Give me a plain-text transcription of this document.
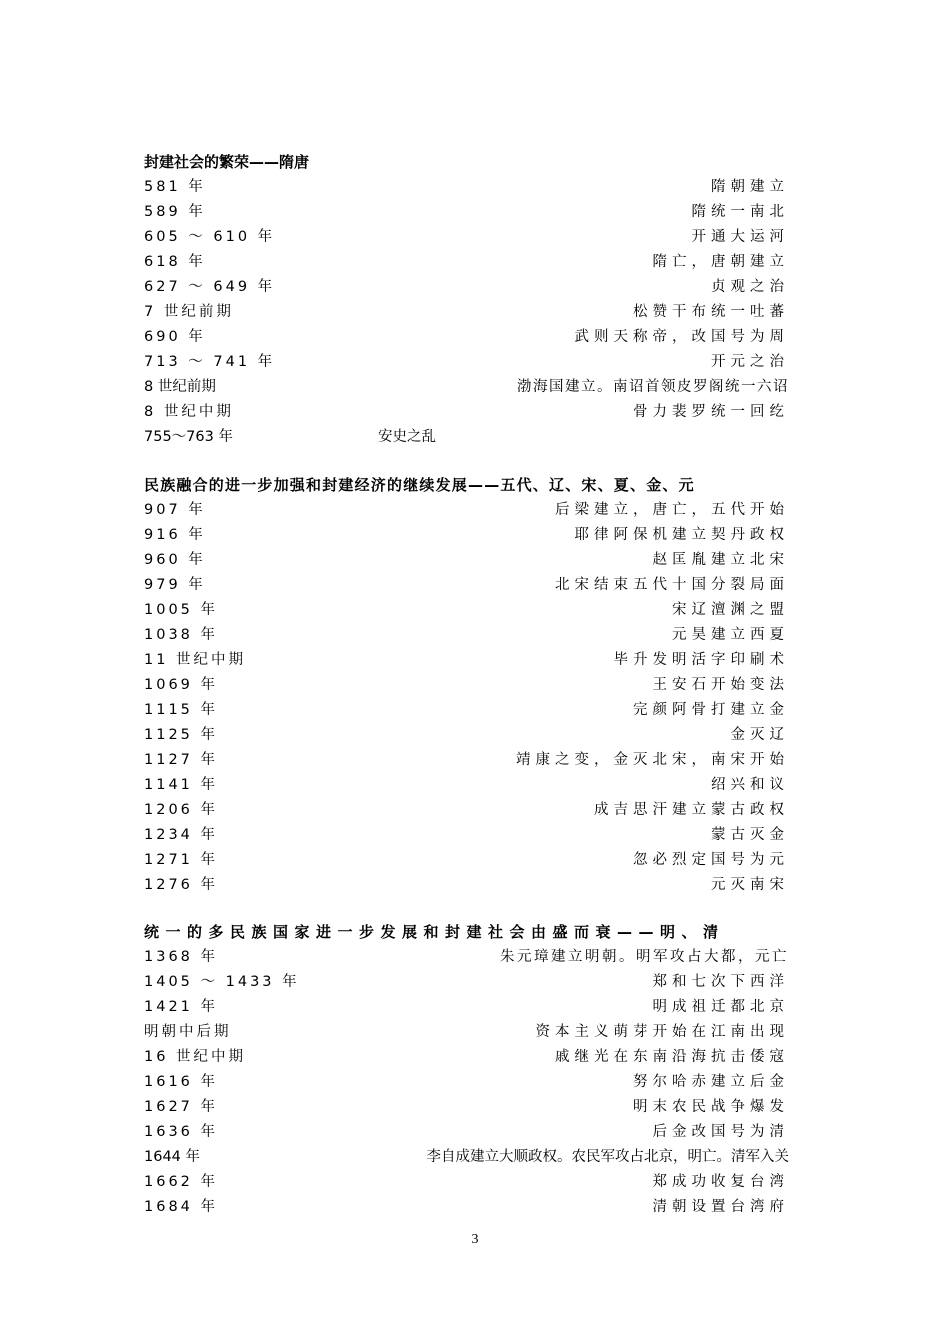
封建社会的繁荣——隋唐
581 年	隋朝建立
589 年	隋统一南北
605 ～ 610 年	开通大运河
618 年	隋亡，唐朝建立
627 ～ 649 年	贞观之治
7 世纪前期	松赞干布统一吐蕃
690 年	武则天称帝，改国号为周
713 ～ 741 年	开元之治
8 世纪前期	渤海国建立。南诏首领皮罗阁统一六诏
8 世纪中期	骨力裴罗统一回纥
755～763 年	安史之乱
民族融合的进一步加强和封建经济的继续发展——五代、辽、宋、夏、金、元
907 年	后梁建立，唐亡，五代开始
916 年	耶律阿保机建立契丹政权
960 年	赵匡胤建立北宋
979 年	北宋结束五代十国分裂局面
1005 年	宋辽澶渊之盟
1038 年	元昊建立西夏
11 世纪中期	毕升发明活字印刷术
1069 年	王安石开始变法
1115 年	完颜阿骨打建立金
1125 年	金灭辽
1127 年	靖康之变，金灭北宋，南宋开始
1141 年	绍兴和议
1206 年	成吉思汗建立蒙古政权
1234 年	蒙古灭金
1271 年	忽必烈定国号为元
1276 年	元灭南宋
统一的多民族国家进一步发展和封建社会由盛而衰——明、清
1368 年	朱元璋建立明朝。明军攻占大都，元亡
1405 ～ 1433 年	郑和七次下西洋
1421 年	明成祖迁都北京
明朝中后期	资本主义萌芽开始在江南出现
16 世纪中期	戚继光在东南沿海抗击倭寇
1616 年	努尔哈赤建立后金
1627 年	明末农民战争爆发
1636 年	后金改国号为清
1644 年	李自成建立大顺政权。农民军攻占北京，明亡。清军入关
1662 年	郑成功收复台湾
1684 年	清朝设置台湾府
3
